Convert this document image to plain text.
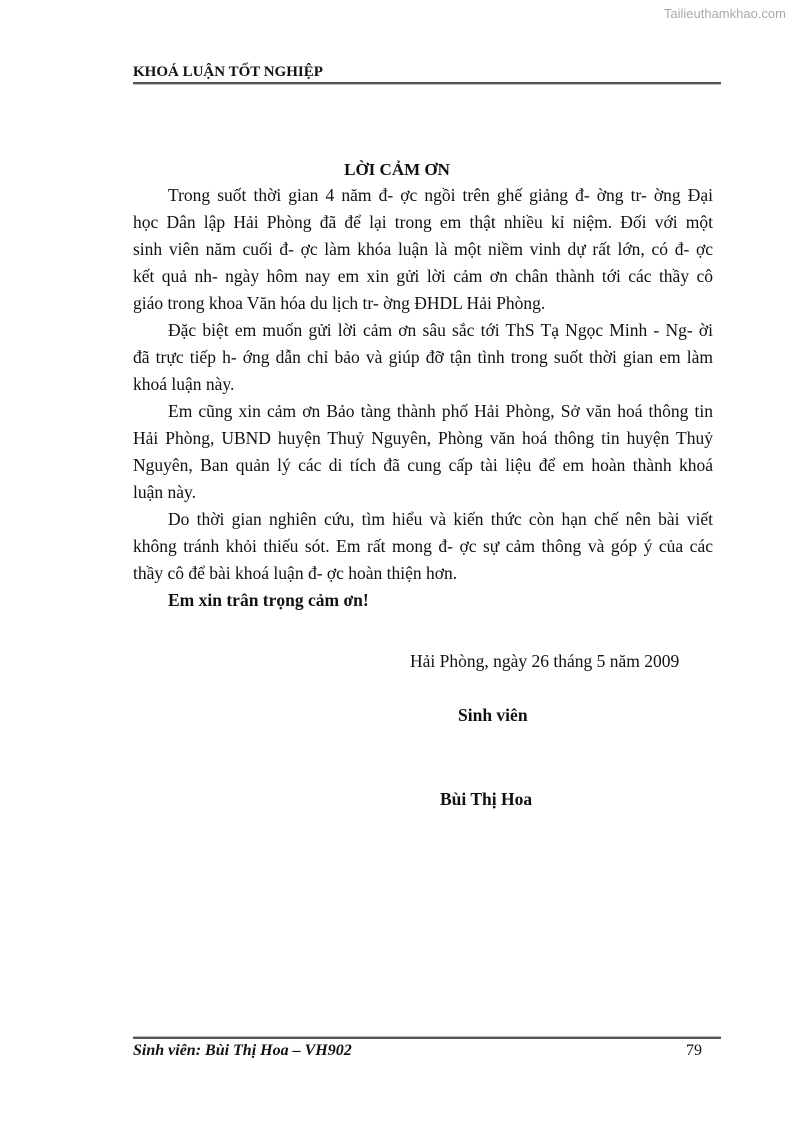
Tailieuthamkhao.com
KHOÁ LUẬN TỐT NGHIỆP
LỜI CẢM ƠN
Trong suốt thời gian 4 năm đ- ợc ngồi trên ghế giảng đ- ờng tr- ờng Đại
học Dân lập Hải Phòng đã để lại trong em thật nhiều kỉ niệm. Đối với một
sinh viên năm cuối đ- ợc làm khóa luận là một niềm vinh dự rất lớn, có đ- ợc
kết quả nh- ngày hôm nay em xin gửi lời cảm ơn chân thành tới các thầy cô
giáo trong khoa Văn hóa du lịch tr- ờng ĐHDL Hải Phòng.
Đặc biệt em muốn gửi lời cảm ơn sâu sắc tới ThS Tạ Ngọc Minh - Ng- ời
đã trực tiếp h- ớng dẫn chỉ bảo và giúp đỡ tận tình trong suốt thời gian em làm
khoá luận này.
Em cũng xin cảm ơn Bảo tàng thành phố Hải Phòng, Sở văn hoá thông tin
Hải Phòng, UBND huyện Thuỷ Nguyên, Phòng văn hoá thông tin huyện Thuỷ
Nguyên, Ban quản lý các di tích đã cung cấp tài liệu để em hoàn thành khoá
luận này.
Do thời gian nghiên cứu, tìm hiểu và kiến thức còn hạn chế nên bài viết
không tránh khỏi thiếu sót. Em rất mong đ- ợc sự cảm thông và góp ý của các
thầy cô để bài khoá luận đ- ợc hoàn thiện hơn.
Em xin trân trọng cảm ơn!
Hải Phòng, ngày 26 tháng 5 năm 2009
Sinh viên
Bùi Thị Hoa
Sinh viên: Bùi Thị Hoa – VH902	79
